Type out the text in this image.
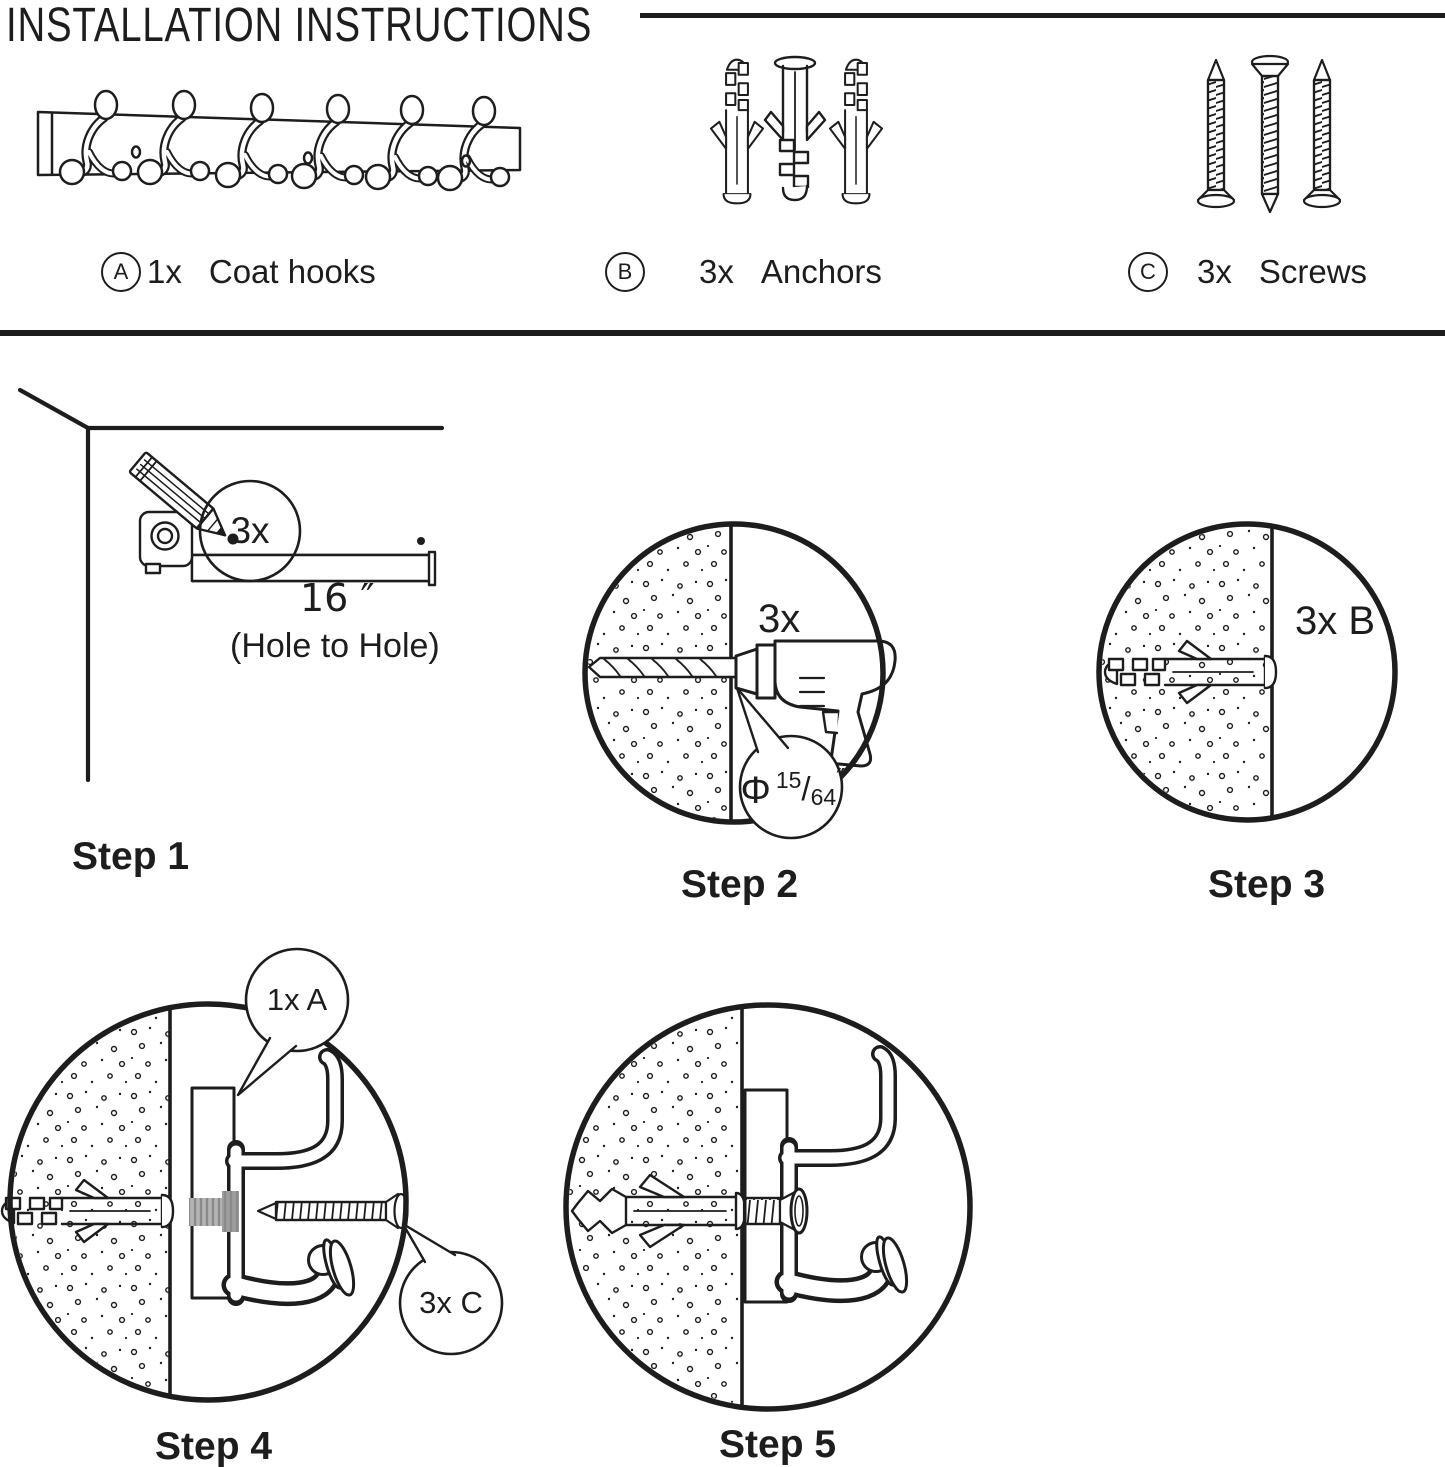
INSTALLATION INSTRUCTIONS
A 1x Coat hooks	B	3x Anchors	C	3x Screws
3x
16 ″
(Hole to Hole)
Step 1
3x
Φ 15/64″
Step 2
3x B
Step 3
1x A
3x C
Step 4	Step 5
